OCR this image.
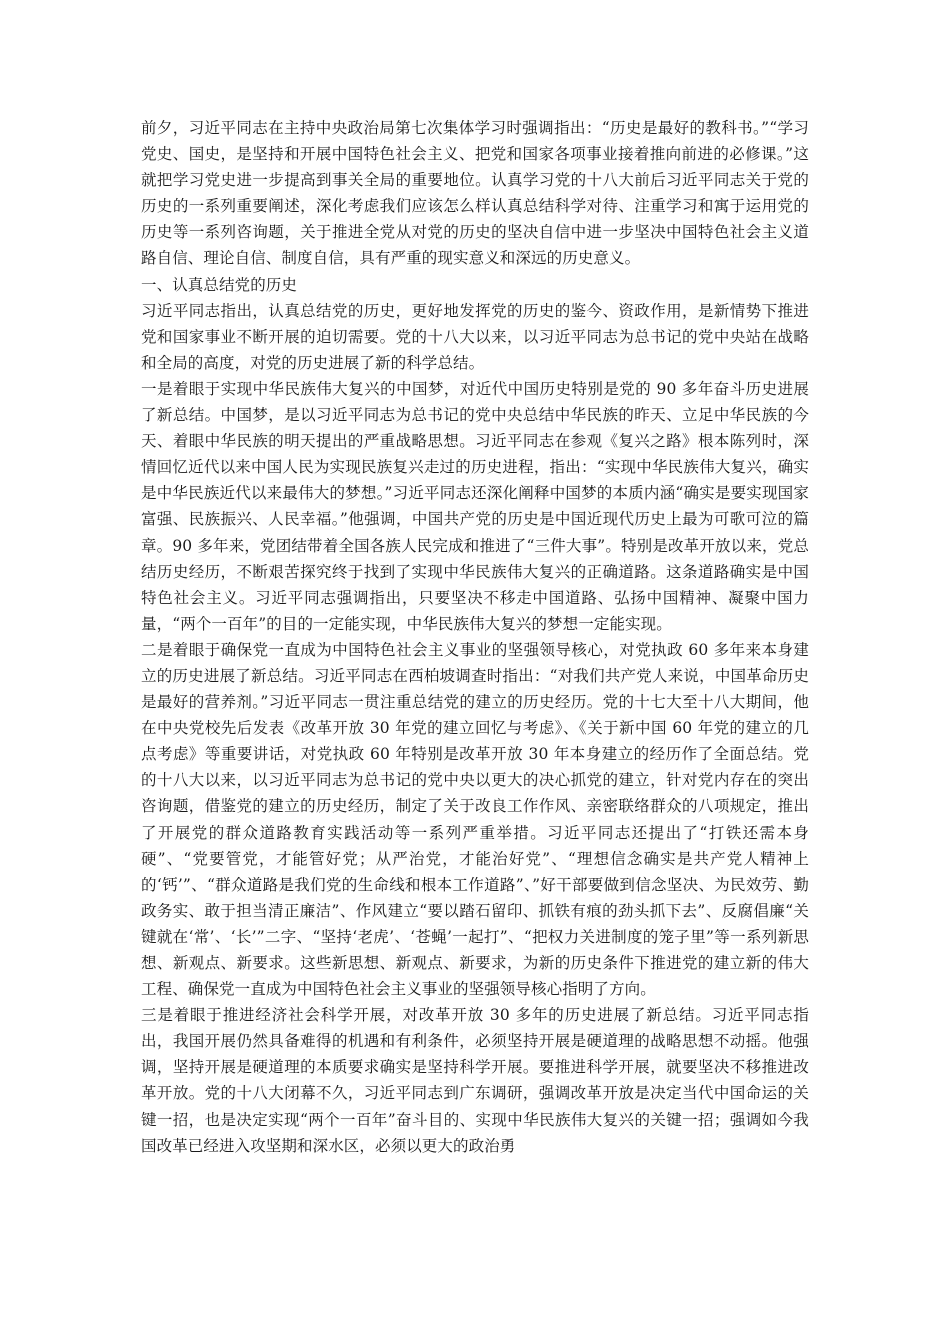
前夕，习近平同志在主持中央政治局第七次集体学习时强调指出：“历史是最好的教科书。”“学习党史、国史，是坚持和开展中国特色社会主义、把党和国家各项事业接着推向前进的必修课。”这就把学习党史进一步提高到事关全局的重要地位。认真学习党的十八大前后习近平同志关于党的历史的一系列重要阐述，深化考虑我们应该怎么样认真总结科学对待、注重学习和寓于运用党的历史等一系列咨询题，关于推进全党从对党的历史的坚决自信中进一步坚决中国特色社会主义道路自信、理论自信、制度自信，具有严重的现实意义和深远的历史意义。

一、认真总结党的历史

习近平同志指出，认真总结党的历史，更好地发挥党的历史的鉴今、资政作用，是新情势下推进党和国家事业不断开展的迫切需要。党的十八大以来，以习近平同志为总书记的党中央站在战略和全局的高度，对党的历史进展了新的科学总结。

一是着眼于实现中华民族伟大复兴的中国梦，对近代中国历史特别是党的 90 多年奋斗历史进展了新总结。中国梦，是以习近平同志为总书记的党中央总结中华民族的昨天、立足中华民族的今天、着眼中华民族的明天提出的严重战略思想。习近平同志在参观《复兴之路》根本陈列时，深情回忆近代以来中国人民为实现民族复兴走过的历史进程，指出：“实现中华民族伟大复兴，确实是中华民族近代以来最伟大的梦想。”习近平同志还深化阐释中国梦的本质内涵“确实是要实现国家富强、民族振兴、人民幸福。”他强调，中国共产党的历史是中国近现代历史上最为可歌可泣的篇章。90 多年来，党团结带着全国各族人民完成和推进了“三件大事”。特别是改革开放以来，党总结历史经历，不断艰苦探究终于找到了实现中华民族伟大复兴的正确道路。这条道路确实是中国特色社会主义。习近平同志强调指出，只要坚决不移走中国道路、弘扬中国精神、凝聚中国力量，“两个一百年”的目的一定能实现，中华民族伟大复兴的梦想一定能实现。

二是着眼于确保党一直成为中国特色社会主义事业的坚强领导核心，对党执政 60 多年来本身建立的历史进展了新总结。习近平同志在西柏坡调查时指出：“对我们共产党人来说，中国革命历史是最好的营养剂。”习近平同志一贯注重总结党的建立的历史经历。党的十七大至十八大期间，他在中央党校先后发表《改革开放 30 年党的建立回忆与考虑》、《关于新中国 60 年党的建立的几点考虑》等重要讲话，对党执政 60 年特别是改革开放 30 年本身建立的经历作了全面总结。党的十八大以来，以习近平同志为总书记的党中央以更大的决心抓党的建立，针对党内存在的突出咨询题，借鉴党的建立的历史经历，制定了关于改良工作作风、亲密联络群众的八项规定，推出了开展党的群众道路教育实践活动等一系列严重举措。习近平同志还提出了“打铁还需本身硬”、“党要管党，才能管好党；从严治党，才能治好党”、“理想信念确实是共产党人精神上的‘钙’”、“群众道路是我们党的生命线和根本工作道路”、”好干部要做到信念坚决、为民效劳、勤政务实、敢于担当清正廉洁”、作风建立“要以踏石留印、抓铁有痕的劲头抓下去”、反腐倡廉“关键就在‘常’、‘长’”二字、“坚持‘老虎’、‘苍蝇’一起打”、“把权力关进制度的笼子里”等一系列新思想、新观点、新要求。这些新思想、新观点、新要求，为新的历史条件下推进党的建立新的伟大工程、确保党一直成为中国特色社会主义事业的坚强领导核心指明了方向。

三是着眼于推进经济社会科学开展，对改革开放 30 多年的历史进展了新总结。习近平同志指出，我国开展仍然具备难得的机遇和有利条件，必须坚持开展是硬道理的战略思想不动摇。他强调，坚持开展是硬道理的本质要求确实是坚持科学开展。要推进科学开展，就要坚决不移推进改革开放。党的十八大闭幕不久，习近平同志到广东调研，强调改革开放是决定当代中国命运的关键一招，也是决定实现“两个一百年”奋斗目的、实现中华民族伟大复兴的关键一招；强调如今我国改革已经进入攻坚期和深水区，必须以更大的政治勇
